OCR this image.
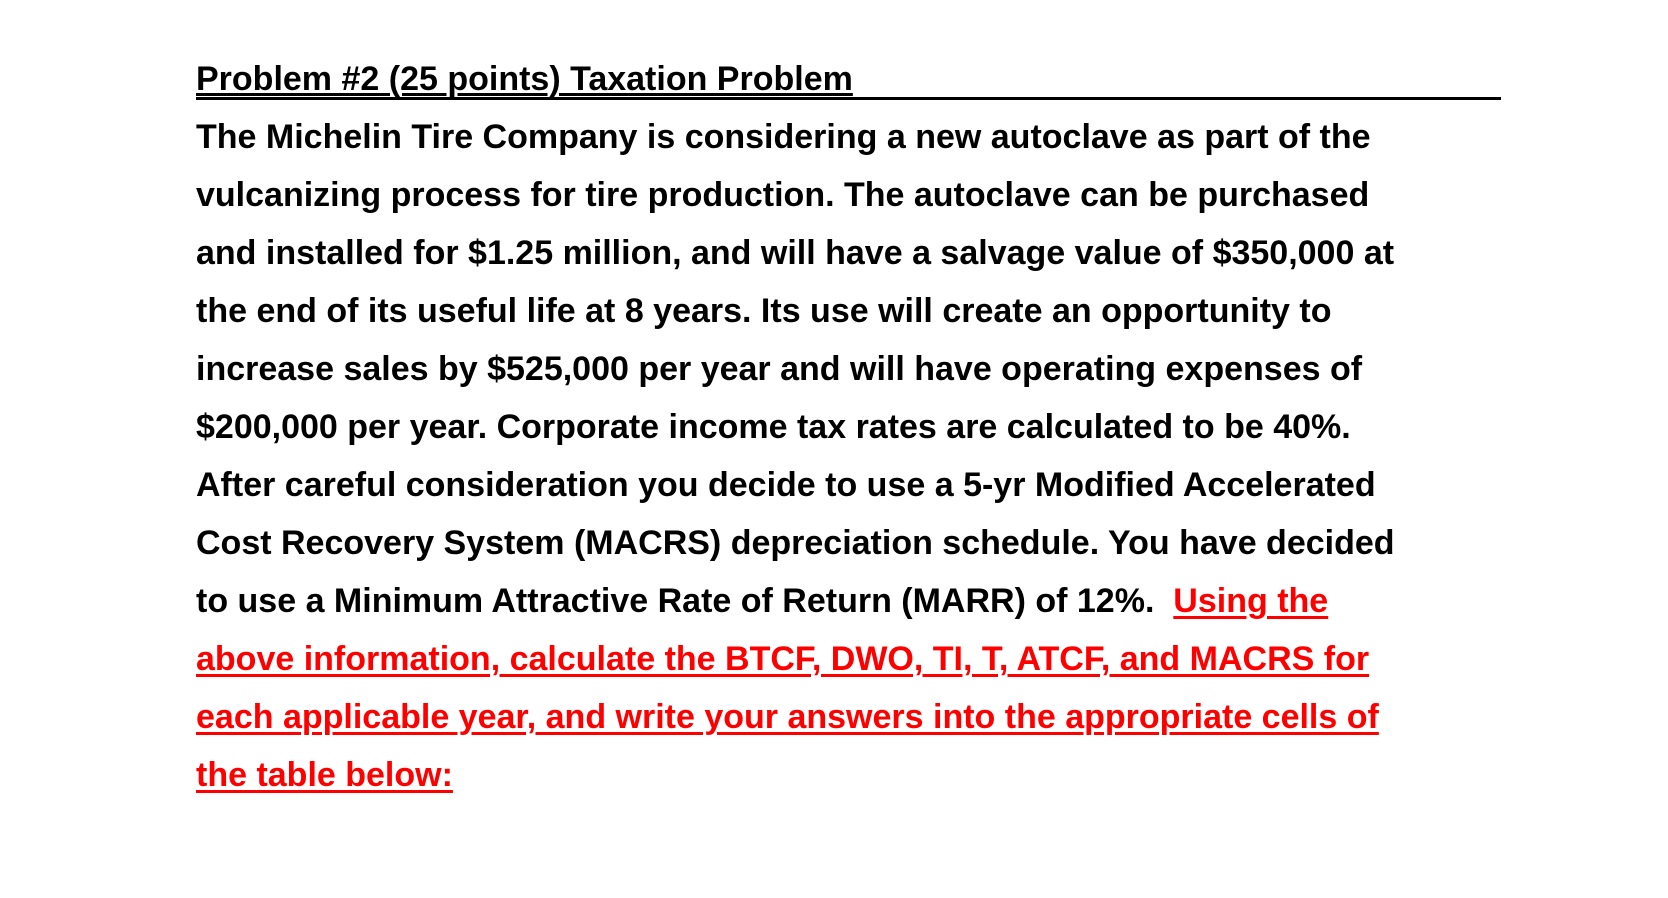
Problem #2 (25 points) Taxation Problem
The Michelin Tire Company is considering a new autoclave as part of the
vulcanizing process for tire production. The autoclave can be purchased
and installed for $1.25 million, and will have a salvage value of $350,000 at
the end of its useful life at 8 years. Its use will create an opportunity to
increase sales by $525,000 per year and will have operating expenses of
$200,000 per year. Corporate income tax rates are calculated to be 40%.
After careful consideration you decide to use a 5-yr Modified Accelerated
Cost Recovery System (MACRS) depreciation schedule. You have decided
to use a Minimum Attractive Rate of Return (MARR) of 12%.  Using the
above information, calculate the BTCF, DWO, TI, T, ATCF, and MACRS for
each applicable year, and write your answers into the appropriate cells of
the table below:
